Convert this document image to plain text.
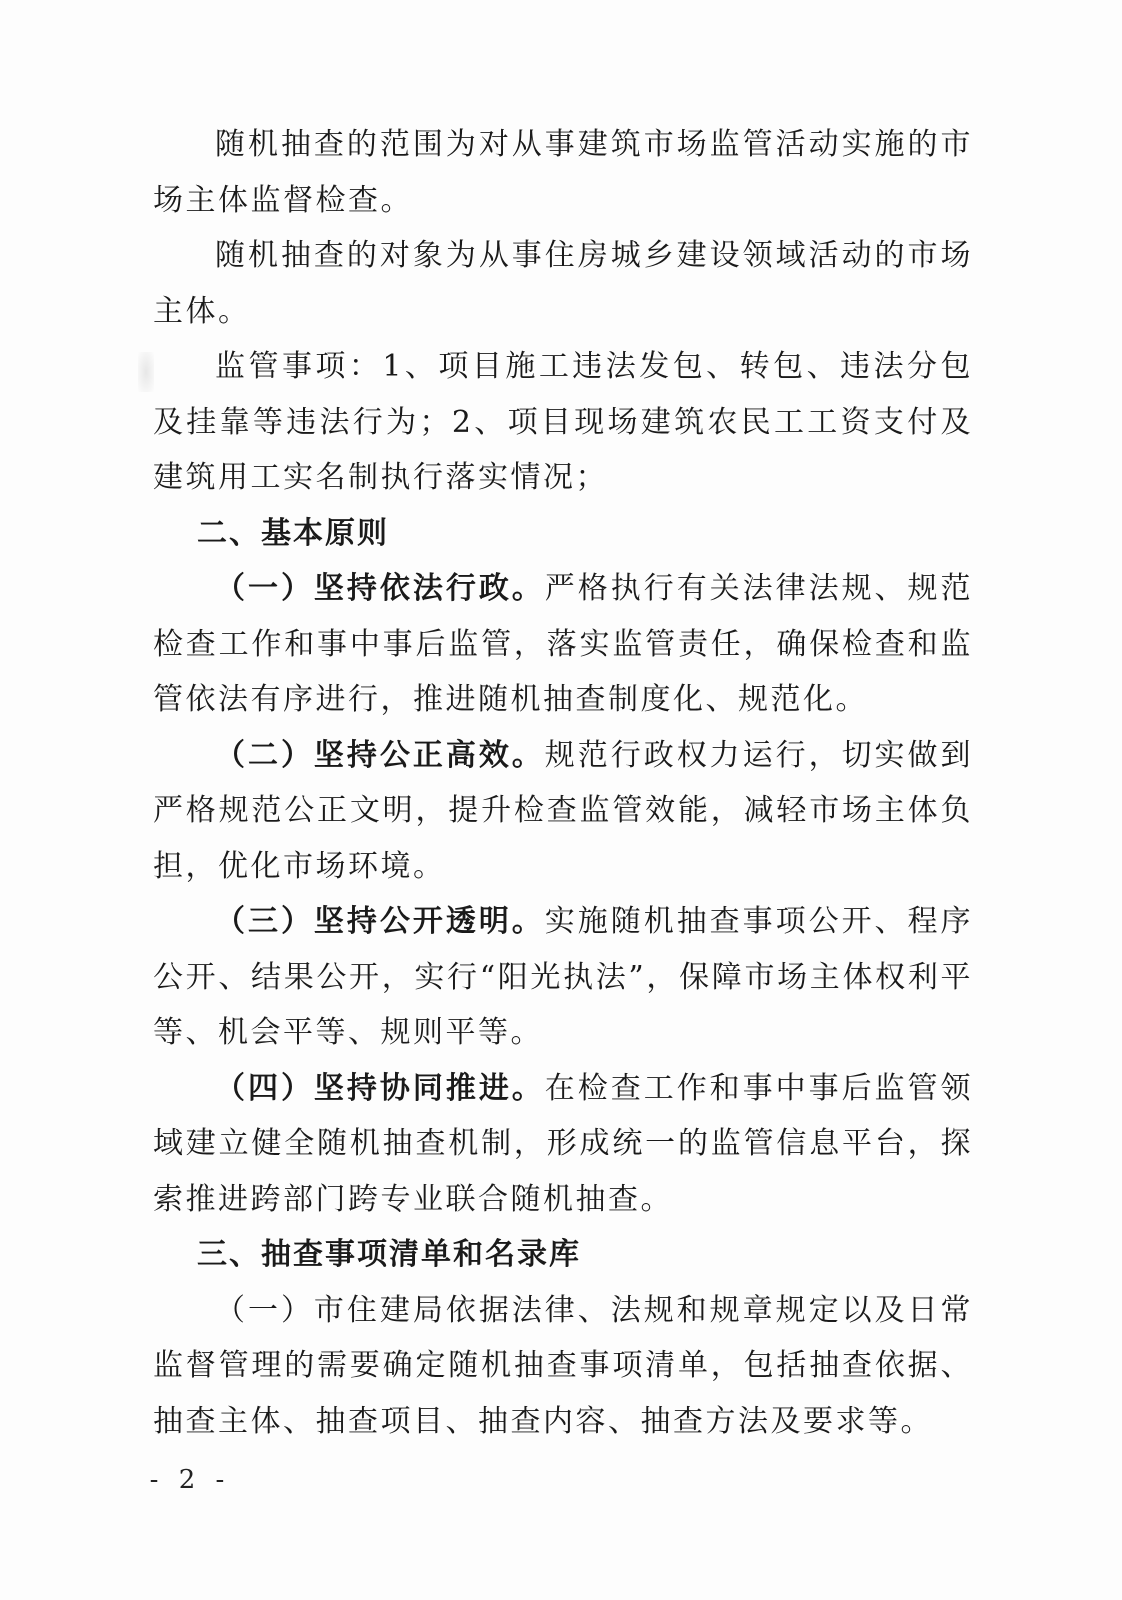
随机抽查的范围为对从事建筑市场监管活动实施的市场主体监督检查。

随机抽查的对象为从事住房城乡建设领域活动的市场主体。

监管事项：1、项目施工违法发包、转包、违法分包及挂靠等违法行为；2、项目现场建筑农民工工资支付及建筑用工实名制执行落实情况；

二、基本原则

（一）坚持依法行政。严格执行有关法律法规、规范检查工作和事中事后监管，落实监管责任，确保检查和监管依法有序进行，推进随机抽查制度化、规范化。

（二）坚持公正高效。规范行政权力运行，切实做到严格规范公正文明，提升检查监管效能，减轻市场主体负担，优化市场环境。

（三）坚持公开透明。实施随机抽查事项公开、程序公开、结果公开，实行“阳光执法”，保障市场主体权利平等、机会平等、规则平等。

（四）坚持协同推进。在检查工作和事中事后监管领域建立健全随机抽查机制，形成统一的监管信息平台，探索推进跨部门跨专业联合随机抽查。

三、抽查事项清单和名录库

（一）市住建局依据法律、法规和规章规定以及日常监督管理的需要确定随机抽查事项清单，包括抽查依据、抽查主体、抽查项目、抽查内容、抽查方法及要求等。

- 2 -
